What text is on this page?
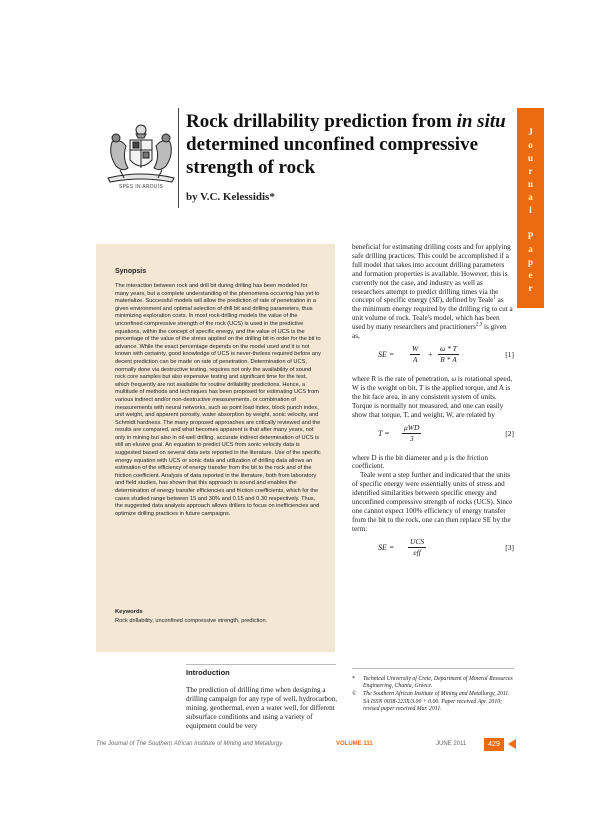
SPES IN ARDUIS
Rock drillability prediction from in situ determined unconfined compressive strength of rock
by V.C. Kelessidis*
J
o
u
r
n
a
l
P
a
p
e
r
Synopsis
The interaction between rock and drill bit during drilling has been modeled for many years, but a complete understanding of the phenomena occurring has yet to materialize. Successful models will allow the prediction of rate of penetration in a given environment and optimal selection of drill bit and drilling parameters, thus minimizing exploration costs. In most rock-drilling models the value of the unconfined compressive strength of the rock (UCS) is used in the predictive equations, within the concept of specific energy, and the value of UCS is the percentage of the value of the stress applied on the drilling bit in order for the bit to advance. While the exact percentage depends on the model used and it is not known with certainty, good knowledge of UCS is never-theless required before any decent prediction can be made on rate of penetration. Determination of UCS, normally done via destructive testing, requires not only the availability of sound rock core samples but also expensive testing and significant time for the test, which frequently are not available for routine drillability predictions. Hence, a multitude of methods and techniques has been proposed for estimating UCS from various indirect and/or non-destructive measurements, or combination of measurements with neural networks, such as point load index, block punch index, unit weight, and apparent porosity, water absorption by weight, sonic velocity, and Schmidt hardness. The many proposed approaches are critically reviewed and the results are compared, and what becomes apparent is that after many years, not only in mining but also in oil-well drilling, accurate indirect determination of UCS is still an elusive goal. An equation to predict UCS from sonic velocity data is suggested based on several data sets reported in the literature. Use of the specific energy equation with UCS or sonic data and utilization of drilling data allows an estimation of the efficiency of energy transfer from the bit to the rock and of the friction coefficient. Analysis of data reported in the literature, both from laboratory and field studies, has shown that this approach is sound and enables the determination of energy transfer efficiencies and friction coefficients, which for the cases studied range between 15 and 30% and 0.15 and 0.30 respectively. Thus, the suggested data analysis approach allows drillers to focus on inefficiencies and optimize drilling practices in future campaigns.
Keywords
Rock drillability, unconfined compressive strength, prediction.

beneficial for estimating drilling costs and for applying safe drilling practices. This could be accomplished if a full model that takes into account drilling parameters and formation properties is available. However, this is currently not the case, and industry as well as researchers attempt to predict drilling times via the concept of specific energy (SE), defined by Teale$^1$ as the minimum energy required by the drilling rig to cut a unit volume of rock. Teale's model, which has been used by many researchers and practitioners$^{2,3}$ is given as,

SE = $\frac{W}{A} + \frac{\omega * T}{R * A}$	[1]

where R is the rate of penetration, ω is rotational speed, W is the weight on bit, T is the applied torque, and A is the bit face area, in any consistent system of units. Torque is normally not measured, and one can easily show that torque, T, and weight, W, are related by

T =
μWD
3
[2]

where D is the bit diameter and μ is the friction coefficient.

Teale went a step further and indicated that the units of specific energy were essentially units of stress and identified similarities between specific energy and unconfined compressive strength of rocks (UCS). Since one cannot expect 100% efficiency of energy transfer from the bit to the rock, one can then replace SE by the term:

SE =
UCS
eff
[3]
Introduction
The prediction of drilling time when designing a drilling campaign for any type of well, hydrocarbon, mining, geothermal, even a water well, for different subsurface conditions and using a variety of equipment could be very
* Technical University of Crete, Department of Mineral Resources Engineering, Chania, Greece.
© The Southern African Institute of Mining and Metallurgy, 2011. SA ISSN 0038-223X/3.00 + 0.00. Paper received Apr. 2010; revised paper received Mar. 2011.
The Journal of The Southern African Institute of Mining and Metallurgy	VOLUME 111	JUNE 2011	429
